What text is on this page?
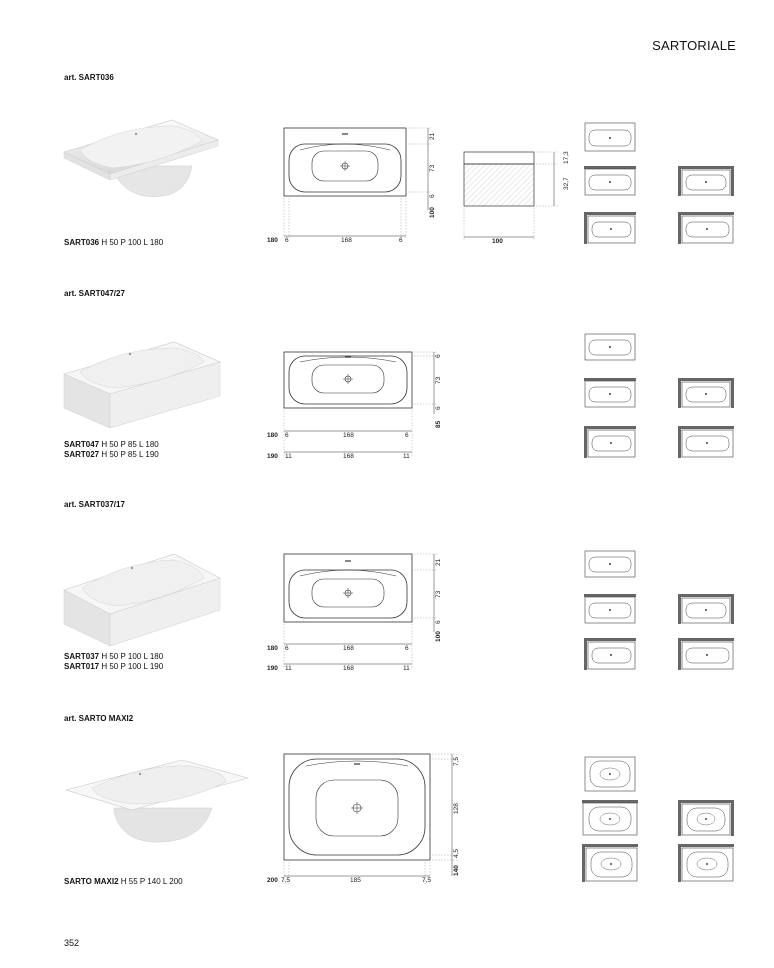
SARTORIALE
art. SART036
SART036 H 50 P 100 L 180	180 6	168	6
21
73
6
100
100
17,3
32,7
art. SART047/27
SART047 H 50 P 85 L 180
SART027 H 50 P 85 L 190
180 6	168	6
190 11	168	11
6
73
6
85
art. SART037/17
SART037 H 50 P 100 L 180
SART017 H 50 P 100 L 190
180 6	168	6
190 11	168	11
21
73
6
100
art. SARTO MAXI2
SARTO MAXI2 H 55 P 140 L 200	200 7,5	185	7,5
7,5
128
4,5
140
352
